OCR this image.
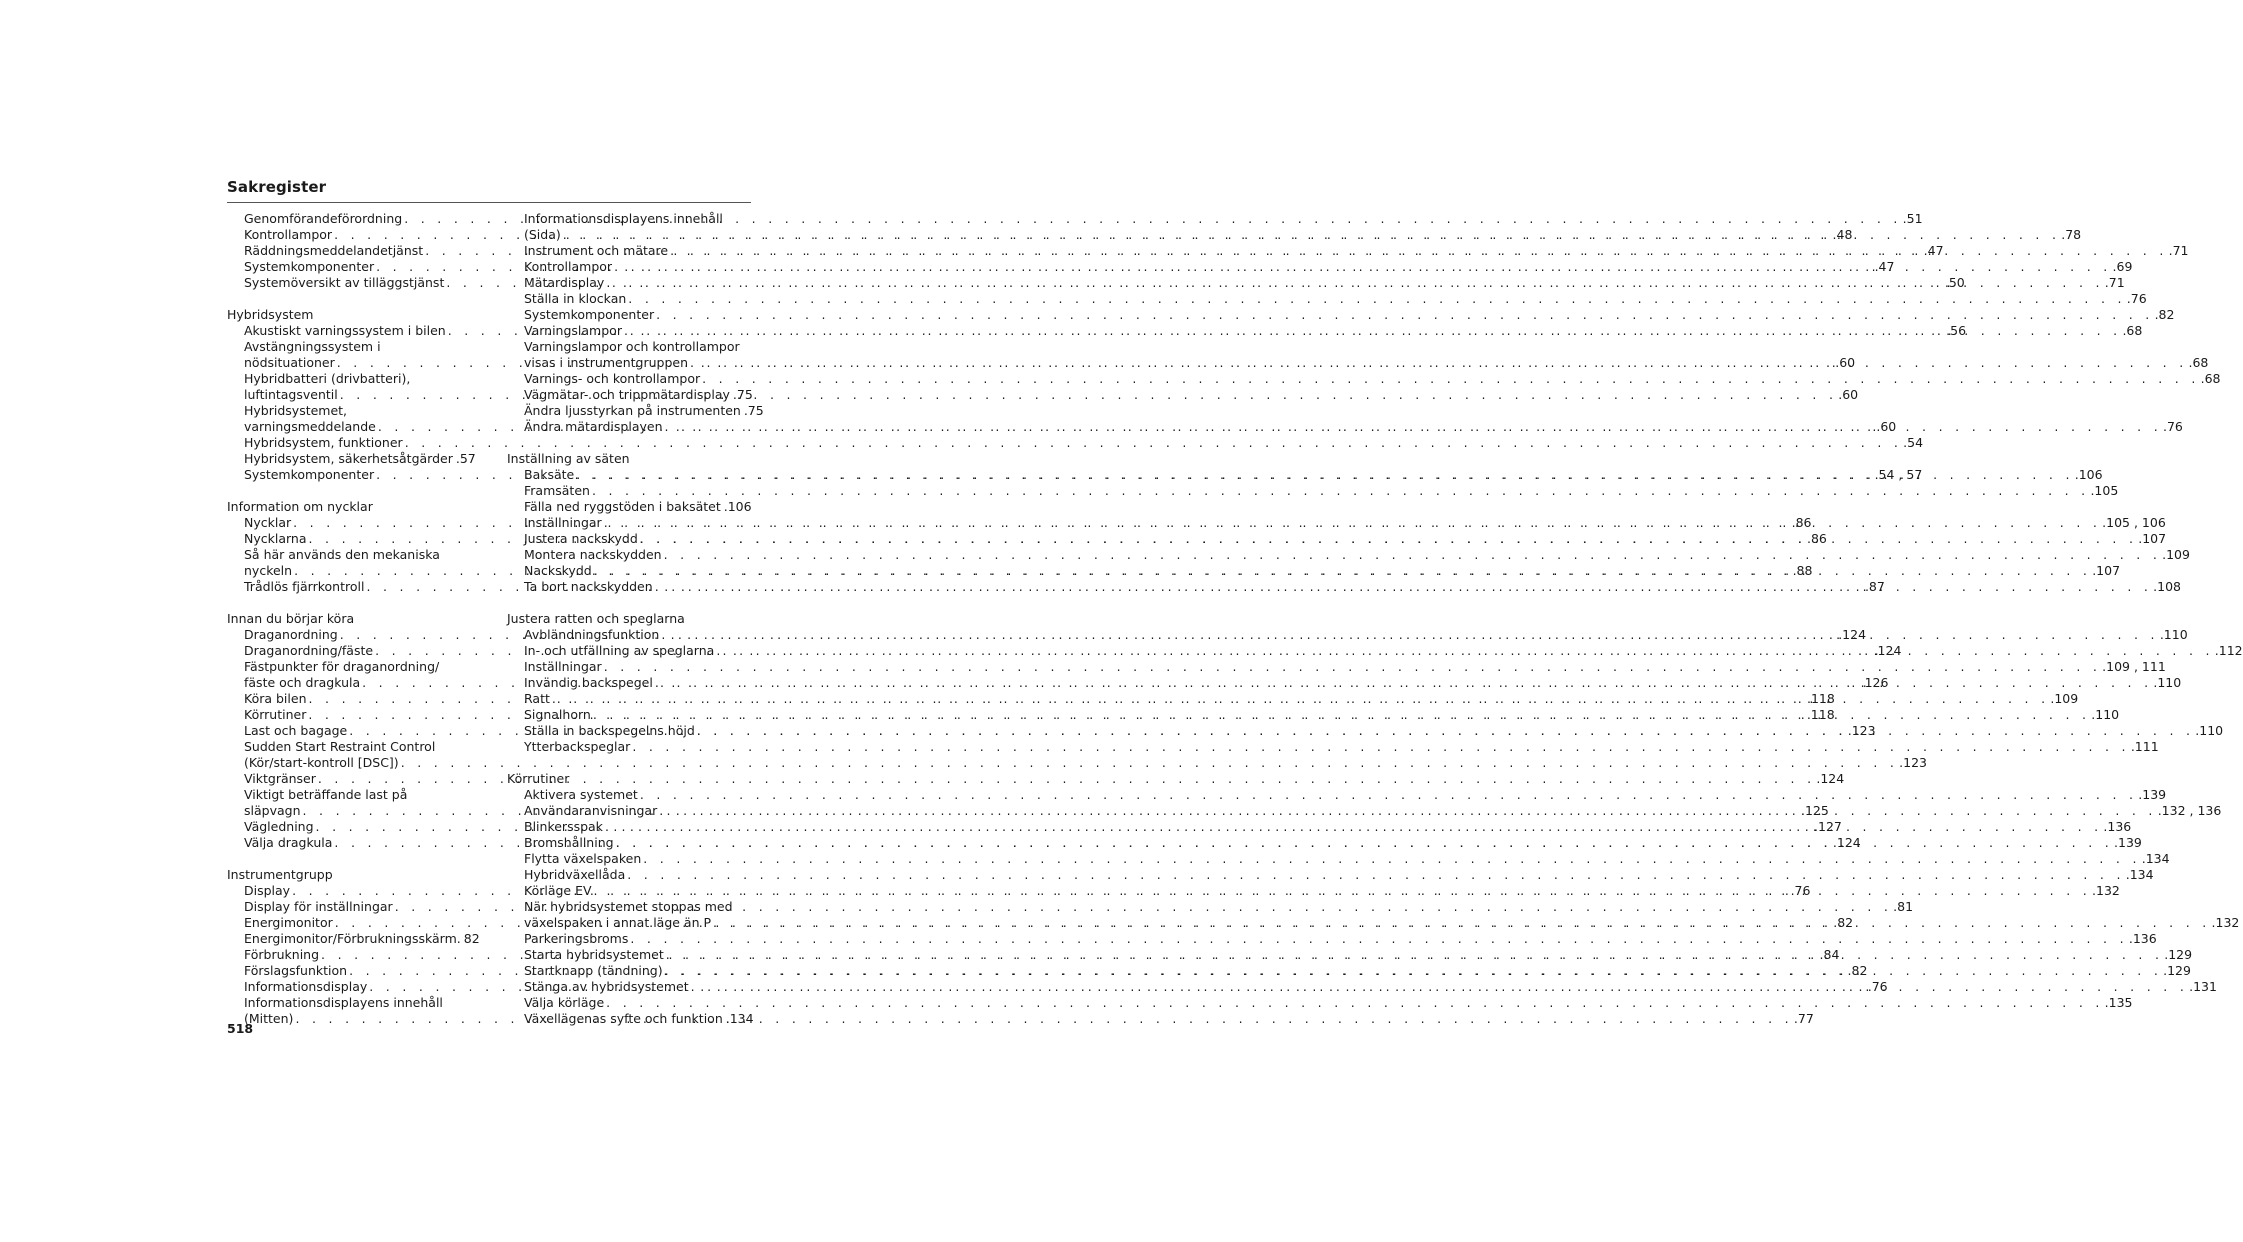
Sakregister
Genomförandeförordning . . .	.51
Kontrollampor . . .	.48
Räddningsmeddelandetjänst . . .	.47
Systemkomponenter . . .	.47
Systemöversikt av tilläggstjänst . . .	.50
Hybridsystem
Akustiskt varningssystem i bilen . . .	.56
Avstängningssystem i
nödsituationer . . .	.60
Hybridbatteri (drivbatteri),
luftintagsventil . . .	.60
Hybridsystemet,
varningsmeddelande . . .	.60
Hybridsystem, funktioner . . .	.54
Hybridsystem, säkerhetsåtgärder . . . .57
Systemkomponenter . . .	.54 , 57
Information om nycklar
Nycklar . . .	.86
Nycklarna . . .	.86
Så här används den mekaniska
nyckeln . . .	.88
Trådlös fjärrkontroll . . .	.87
Innan du börjar köra
Draganordning . . .	.124
Draganordning/fäste . . .	.124
Fästpunkter för draganordning/
fäste och dragkula . . .	.126
Köra bilen . . .	.118
Körrutiner . . .	.118
Last och bagage . . .	.123
Sudden Start Restraint Control
(Kör/start-kontroll [DSC]) . . .	.123
Viktgränser . . .	.124
Viktigt beträffande last på
släpvagn . . .	.125
Vägledning . . .	.127
Välja dragkula . . .	.124
Instrumentgrupp
Display . . .	.76
Display för inställningar . . .	.81
Energimonitor . . .	.82
Energimonitor/Förbrukningsskärm. . . . 82
Förbrukning . . .	.84
Förslagsfunktion . . .	.82
Informationsdisplay . . .	.76
Informationsdisplayens innehåll
(Mitten) . . .	.77
Informationsdisplayens innehåll
(Sida) . . .	.78
Instrument och mätare . . .	.71
Kontrollampor . . .	.69
Mätardisplay . . .	.71
Ställa in klockan . . .	.76
Systemkomponenter . . .	.82
Varningslampor . . .	.68
Varningslampor och kontrollampor
visas i instrumentgruppen . . .	.68
Varnings- och kontrollampor . . .	.68
Vägmätar- och trippmätardisplay . . . .75
Ändra ljusstyrkan på instrumenten . . . .75
Ändra mätardisplayen . . .	.76
Inställning av säten
Baksäte . . .	.106
Framsäten . . .	.105
Fälla ned ryggstöden i baksätet . . . .106
Inställningar . . .	.105 , 106
Justera nackskydd . . .	.107
Montera nackskydden . . .	.109
Nackskydd . . .	.107
Ta bort nackskydden . . .	.108
Justera ratten och speglarna
Avbländningsfunktion . . .	.110
In- och utfällning av speglarna . . .	.112
Inställningar . . .	.109 , 111
Invändig backspegel . . .	.110
Ratt . . .	.109
Signalhorn . . .	.110
Ställa in backspegelns höjd . . .	.110
Ytterbackspeglar . . .	.111
Körrutiner
Aktivera systemet . . .	.139
Användaranvisningar . . .	.132 , 136
Blinkersspak . . .	.136
Bromshållning . . .	.139
Flytta växelspaken . . .	.134
Hybridväxellåda . . .	.134
Körläge EV . . .	.132
När hybridsystemet stoppas med
växelspaken i annat läge än P . . .	.132
Parkeringsbroms . . .	.136
Starta hybridsystemet . . .	.129
Startknapp (tändning) . . .	.129
Stänga av hybridsystemet . . .	.131
Välja körläge . . .	.135
Växellägenas syfte och funktion . . . .134
518
